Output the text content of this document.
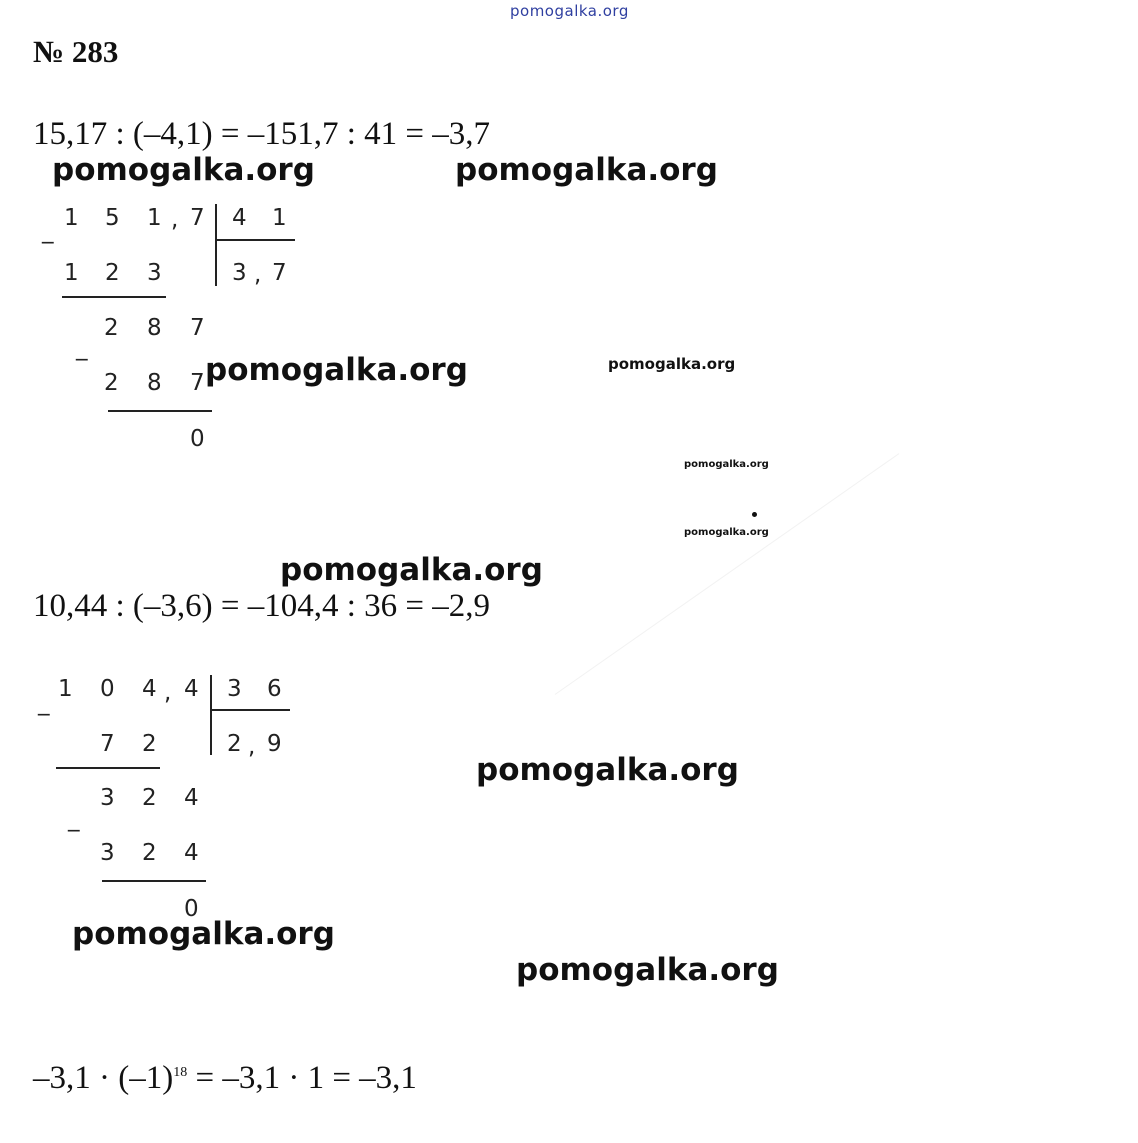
pomogalka.org
№ 283
15,17 : (–4,1) = –151,7 : 41 = –3,7
pomogalka.org	pomogalka.org
pomogalka.org	pomogalka.org
pomogalka.org
pomogalka.org
pomogalka.org
pomogalka.org
pomogalka.org
pomogalka.org
_ 1 5 1 , 7 4 1
1 2 3	3 , 7
2 8 7
_
2 8 7
0
10,44 : (–3,6) = –104,4 : 36 = –2,9
_
1 0 4 , 4 3 6
7 2	2 , 9
3 2 4
_
3 2 4
0
$-3,1 \cdot (-1)^{18} = -3,1 \cdot 1 = -3,1$
